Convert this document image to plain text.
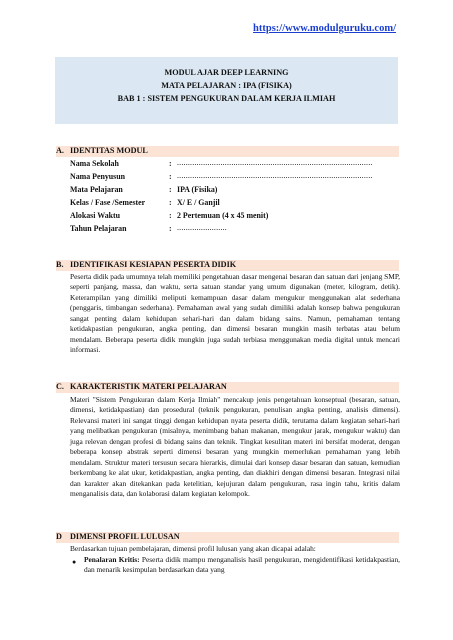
https://www.modulguruku.com/
MODUL AJAR DEEP LEARNING
MATA PELAJARAN : IPA (FISIKA)
BAB 1 : SISTEM PENGUKURAN DALAM KERJA ILMIAH
A. IDENTITAS MODUL
Nama Sekolah	: ..........................................................................................
Nama Penyusun	: ..........................................................................................
Mata Pelajaran	: IPA (Fisika)
Kelas / Fase /Semester	: X/ E / Ganjil
Alokasi Waktu	: 2 Pertemuan (4 x 45 menit)
Tahun Pelajaran	: .......................
B. IDENTIFIKASI KESIAPAN PESERTA DIDIK
Peserta didik pada umumnya telah memiliki pengetahuan dasar mengenai besaran dan satuan dari jenjang SMP, seperti panjang, massa, dan waktu, serta satuan standar yang umum digunakan (meter, kilogram, detik). Keterampilan yang dimiliki meliputi kemampuan dasar dalam mengukur menggunakan alat sederhana (penggaris, timbangan sederhana). Pemahaman awal yang sudah dimiliki adalah konsep bahwa pengukuran sangat penting dalam kehidupan sehari-hari dan dalam bidang sains. Namun, pemahaman tentang ketidakpastian pengukuran, angka penting, dan dimensi besaran mungkin masih terbatas atau belum mendalam. Beberapa peserta didik mungkin juga sudah terbiasa menggunakan media digital untuk mencari informasi.
C. KARAKTERISTIK MATERI PELAJARAN
Materi "Sistem Pengukuran dalam Kerja Ilmiah" mencakup jenis pengetahuan konseptual (besaran, satuan, dimensi, ketidakpastian) dan prosedural (teknik pengukuran, penulisan angka penting, analisis dimensi). Relevansi materi ini sangat tinggi dengan kehidupan nyata peserta didik, terutama dalam kegiatan sehari-hari yang melibatkan pengukuran (misalnya, menimbang bahan makanan, mengukur jarak, mengukur waktu) dan juga relevan dengan profesi di bidang sains dan teknik. Tingkat kesulitan materi ini bersifat moderat, dengan beberapa konsep abstrak seperti dimensi besaran yang mungkin memerlukan pemahaman yang lebih mendalam. Struktur materi tersusun secara hierarkis, dimulai dari konsep dasar besaran dan satuan, kemudian berkembang ke alat ukur, ketidakpastian, angka penting, dan diakhiri dengan dimensi besaran. Integrasi nilai dan karakter akan ditekankan pada ketelitian, kejujuran dalam pengukuran, rasa ingin tahu, kritis dalam menganalisis data, dan kolaborasi dalam kegiatan kelompok.
D DIMENSI PROFIL LULUSAN
Berdasarkan tujuan pembelajaran, dimensi profil lulusan yang akan dicapai adalah:
● Penalaran Kritis: Peserta didik mampu menganalisis hasil pengukuran, mengidentifikasi ketidakpastian, dan menarik kesimpulan berdasarkan data yang
